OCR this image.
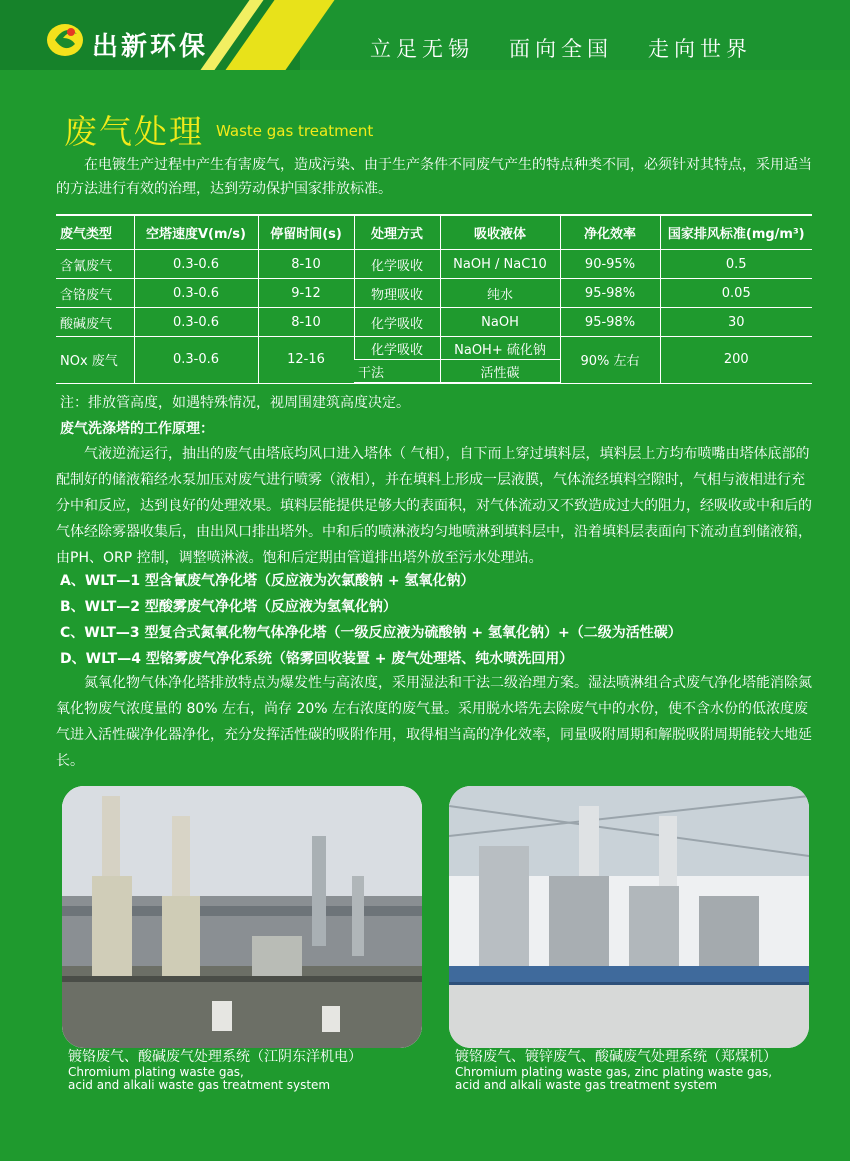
出新环保	立足无锡   面向全国   走向世界
废气处理 Waste gas treatment
在电镀生产过程中产生有害废气，造成污染、由于生产条件不同废气产生的特点种类不同，必须针对其特点，采用适当的方法进行有效的治理，达到劳动保护国家排放标准。
废气类型	空塔速度V(m/s)	停留时间(s)	处理方式	吸收液体	净化效率	国家排风标准(mg/m³)
含氰废气	0.3-0.6	8-10	化学吸收	NaOH / NaC10	90-95%	0.5
含铬废气	0.3-0.6	9-12	物理吸收	纯水	95-98%	0.05
酸碱废气	0.3-0.6	8-10	化学吸收	NaOH	95-98%	30
NOx 废气	0.3-0.6	12-16	化学吸收	NaOH+ 硫化钠	90% 左右	200
			干法	活性碳		
注：排放管高度，如遇特殊情况，视周围建筑高度决定。
废气洗涤塔的工作原理：
气液逆流运行，抽出的废气由塔底均风口进入塔体（ 气相），自下而上穿过填料层，填料层上方均布喷嘴由塔体底部的配制好的储液箱经水泵加压对废气进行喷雾（液相），并在填料上形成一层液膜，气体流经填料空隙时，气相与液相进行充分中和反应，达到良好的处理效果。填料层能提供足够大的表面积，对气体流动又不致造成过大的阻力，经吸收或中和后的气体经除雾器收集后，由出风口排出塔外。中和后的喷淋液均匀地喷淋到填料层中，沿着填料层表面向下流动直到储液箱，由PH、ORP 控制，调整喷淋液。饱和后定期由管道排出塔外放至污水处理站。
A、WLT—1 型含氰废气净化塔（反应液为次氯酸钠 + 氢氧化钠）
B、WLT—2 型酸雾废气净化塔（反应液为氢氧化钠）
C、WLT—3 型复合式氮氧化物气体净化塔（一级反应液为硫酸钠 + 氢氧化钠）+（二级为活性碳）
D、WLT—4 型铬雾废气净化系统（铬雾回收装置 + 废气处理塔、纯水喷洗回用）
氮氧化物气体净化塔排放特点为爆发性与高浓度，采用湿法和干法二级治理方案。湿法喷淋组合式废气净化塔能消除氮氧化物废气浓度量的 80% 左右，尚存 20% 左右浓度的废气量。采用脱水塔先去除废气中的水份，使不含水份的低浓度废气进入活性碳净化器净化，充分发挥活性碳的吸附作用，取得相当高的净化效率，同量吸附周期和解脱吸附周期能较大地延长。
镀铬废气、酸碱废气处理系统（江阴东洋机电）
Chromium plating waste gas,
acid and alkali waste gas treatment system
镀铬废气、镀锌废气、酸碱废气处理系统（郑煤机）
Chromium plating waste gas, zinc plating waste gas,
acid and alkali waste gas treatment system
